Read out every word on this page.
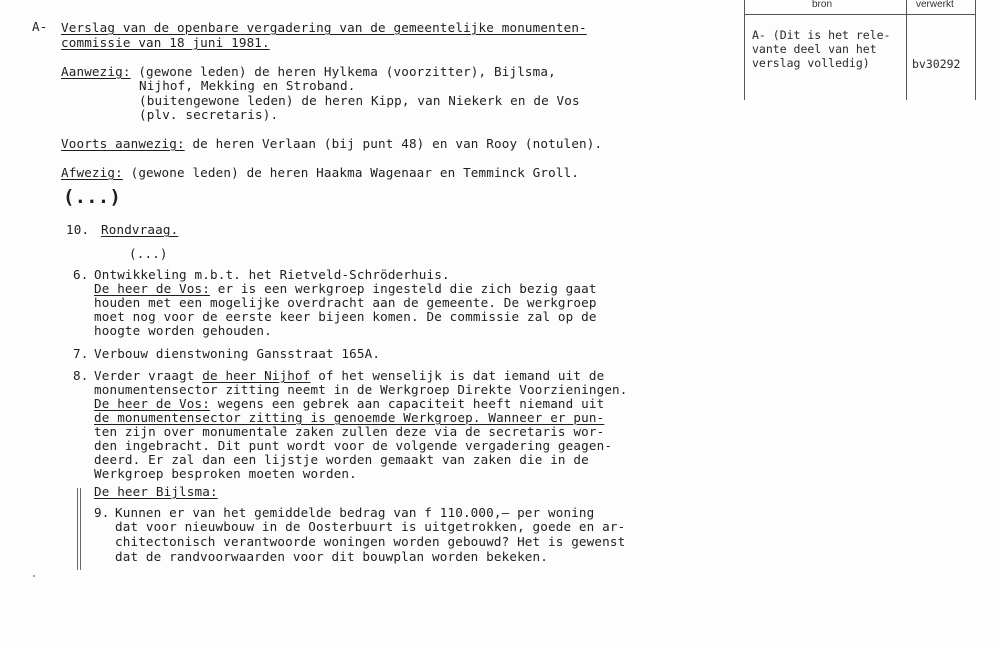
bron	verwerkt
A- (Dit is het rele-
vante deel van het
verslag volledig)	bv30292
A- Verslag van de openbare vergadering van de gemeentelijke monumenten-
commissie van 18 juni 1981.
Aanwezig: (gewone leden) de heren Hylkema (voorzitter), Bijlsma,
Nijhof, Mekking en Stroband.
(buitengewone leden) de heren Kipp, van Niekerk en de Vos
(plv. secretaris).
Voorts aanwezig: de heren Verlaan (bij punt 48) en van Rooy (notulen).
Afwezig: (gewone leden) de heren Haakma Wagenaar en Temminck Groll.
(...)
10. Rondvraag.
(...)
6. Ontwikkeling m.b.t. het Rietveld-Schröderhuis.
De heer de Vos: er is een werkgroep ingesteld die zich bezig gaat
houden met een mogelijke overdracht aan de gemeente. De werkgroep
moet nog voor de eerste keer bijeen komen. De commissie zal op de
hoogte worden gehouden.
7. Verbouw dienstwoning Gansstraat 165A.
8. Verder vraagt de heer Nijhof of het wenselijk is dat iemand uit de
monumentensector zitting neemt in de Werkgroep Direkte Voorzieningen.
De heer de Vos: wegens een gebrek aan capaciteit heeft niemand uit
de monumentensector zitting is genoemde Werkgroep. Wanneer er pun-
ten zijn over monumentale zaken zullen deze via de secretaris wor-
den ingebracht. Dit punt wordt voor de volgende vergadering geagen-
deerd. Er zal dan een lijstje worden gemaakt van zaken die in de
Werkgroep besproken moeten worden.
De heer Bijlsma:
9. Kunnen er van het gemiddelde bedrag van f 110.000,— per woning
dat voor nieuwbouw in de Oosterbuurt is uitgetrokken, goede en ar-
chitectonisch verantwoorde woningen worden gebouwd? Het is gewenst
dat de randvoorwaarden voor dit bouwplan worden bekeken.
